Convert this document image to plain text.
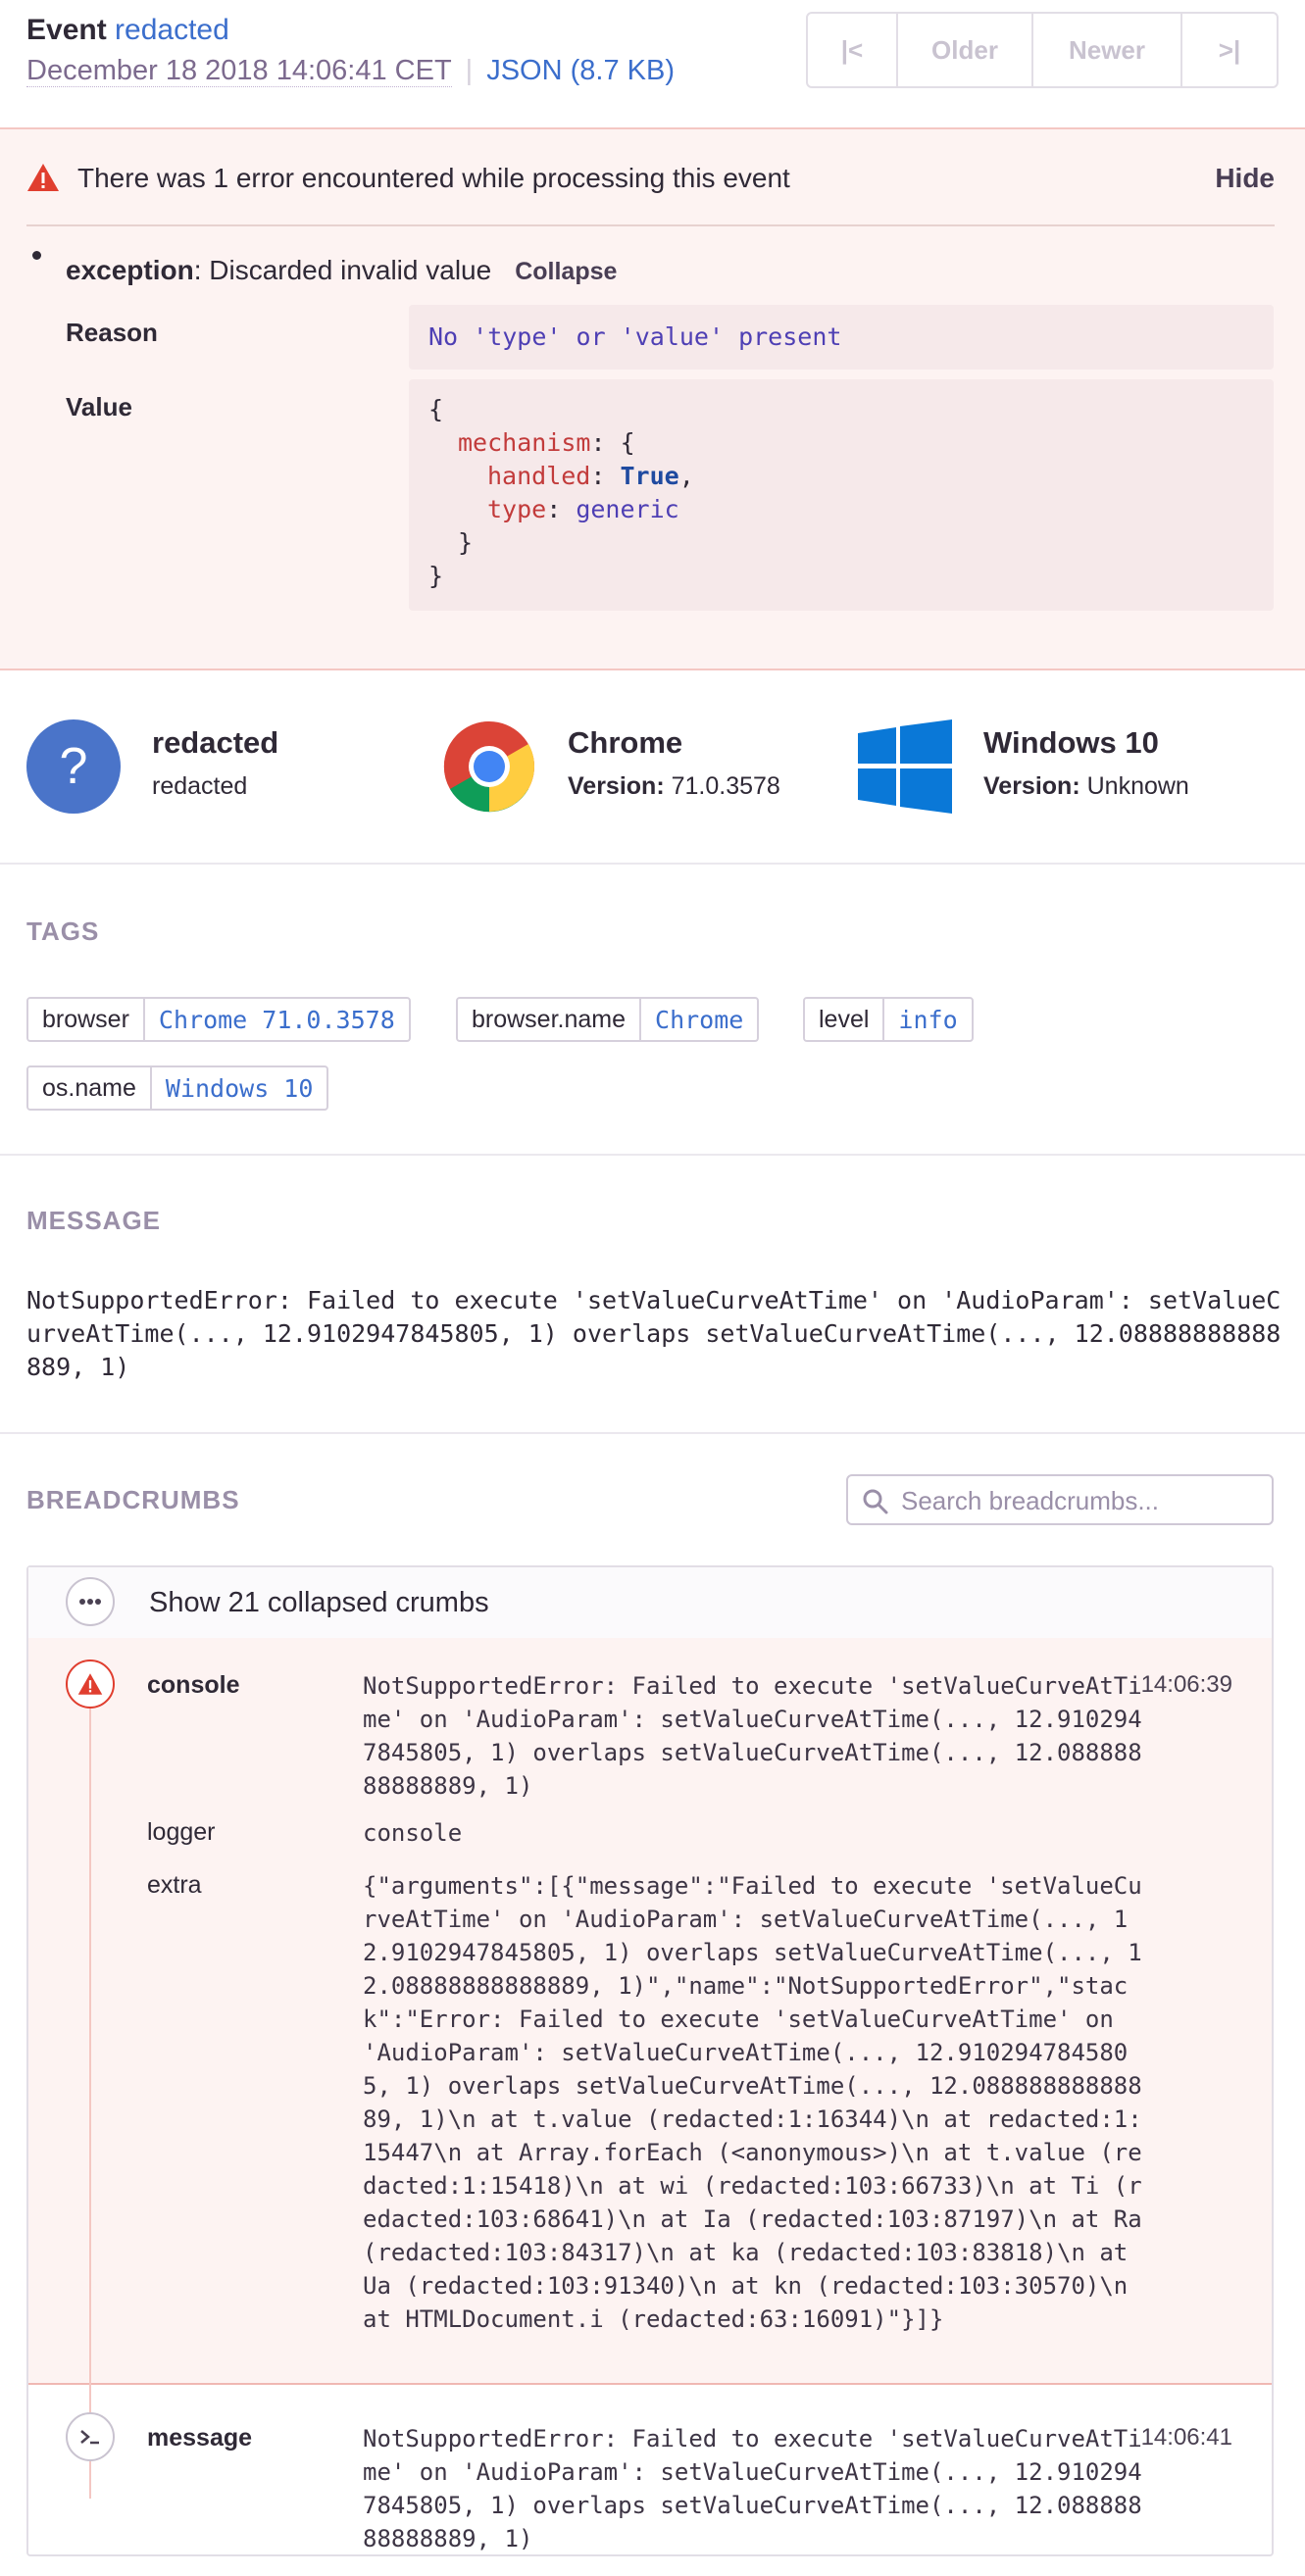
Event redacted
December 18 2018 14:06:41 CET | JSON (8.7 KB)
|<	Older	Newer	>|
There was 1 error encountered while processing this event	Hide
exception: Discarded invalid value Collapse
Reason	No 'type' or 'value' present
Value	{
mechanism: {
handled: True,
type: generic
}
}
?	redacted
redacted
Chrome
Version: 71.0.3578
Windows 10
Version: Unknown
TAGS
browser	Chrome 71.0.3578	browser.name	Chrome	level	info
os.name	Windows 10
MESSAGE
NotSupportedError: Failed to execute 'setValueCurveAtTime' on 'AudioParam': setValueCurveAtTime(..., 12.9102947845805, 1) overlaps setValueCurveAtTime(..., 12.08888888888889, 1)
BREADCRUMBS
Search breadcrumbs...
Show 21 collapsed crumbs
console	NotSupportedError: Failed to execute 'setValueCurveAtTime' on 'AudioParam': setValueCurveAtTime(..., 12.9102947845805, 1) overlaps setValueCurveAtTime(..., 12.08888888888889, 1)
14:06:39
logger	console
extra	{"arguments":[{"message":"Failed to execute 'setValueCurveAtTime' on 'AudioParam': setValueCurveAtTime(..., 12.9102947845805, 1) overlaps setValueCurveAtTime(..., 12.08888888888889, 1)","name":"NotSupportedError","stack":"Error: Failed to execute 'setValueCurveAtTime' on 'AudioParam': setValueCurveAtTime(..., 12.9102947845805, 1) overlaps setValueCurveAtTime(..., 12.08888888888889, 1)\n at t.value (redacted:1:16344)\n at redacted:1:15447\n at Array.forEach (<anonymous>)\n at t.value (redacted:1:15418)\n at wi (redacted:103:66733)\n at Ti (redacted:103:68641)\n at Ia (redacted:103:87197)\n at Ra (redacted:103:84317)\n at ka (redacted:103:83818)\n at Ua (redacted:103:91340)\n at kn (redacted:103:30570)\n at HTMLDocument.i (redacted:63:16091)"}]}
message	NotSupportedError: Failed to execute 'setValueCurveAtTime' on 'AudioParam': setValueCurveAtTime(..., 12.9102947845805, 1) overlaps setValueCurveAtTime(..., 12.08888888888889, 1)
14:06:41
